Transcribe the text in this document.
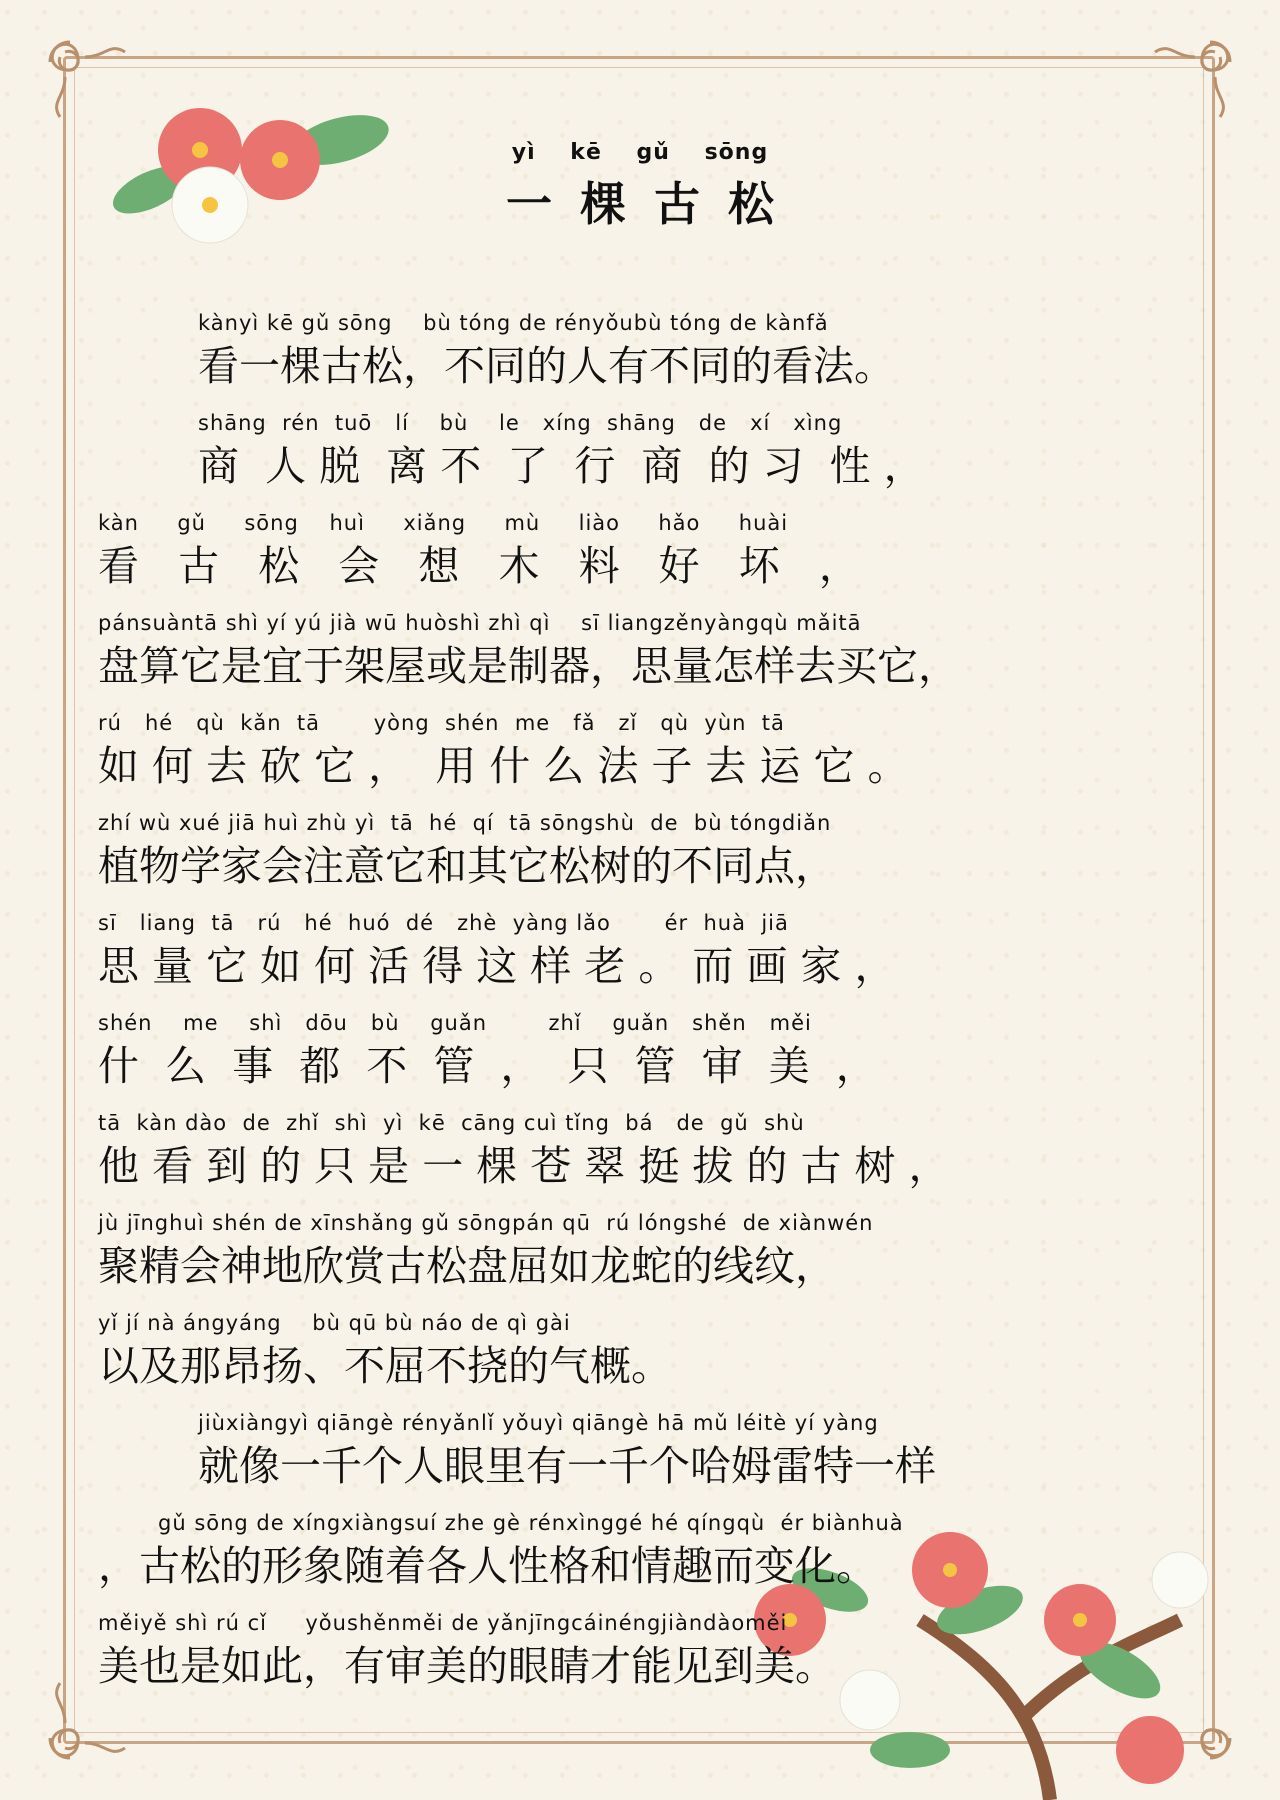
yì kē gǔ sōng
一棵古松
kànyì kē gǔ sōng    bù tóng de rényǒubù tóng de kànfǎ
看一棵古松，不同的人有不同的看法。
shāng  rén  tuō   lí    bù    le   xíng  shāng   de   xí   xìng
商  人 脱  离 不  了  行  商  的 习  性 ，
kàn     gǔ     sōng    huì     xiǎng     mù     liào     hǎo     huài
看   古   松   会   想   木   料   好   坏   ，
pánsuàntā shì yí yú jià wū huòshì zhì qì    sī liangzěnyàngqù mǎitā
盘算它是宜于架屋或是制器，思量怎样去买它，
rú   hé   qù  kǎn  tā       yòng  shén  me   fǎ   zǐ   qù  yùn  tā
如 何 去 砍 它 ，  用 什 么 法 子 去 运 它 。
zhí wù xué jiā huì zhù yì  tā  hé  qí  tā sōngshù  de  bù tóngdiǎn
植物学家会注意它和其它松树的不同点，
sī   liang  tā   rú   hé  huó  dé   zhè  yàng lǎo       ér  huà  jiā
思 量 它 如 何 活 得 这 样 老 。 而 画 家 ，
shén    me    shì   dōu   bù    guǎn        zhǐ    guǎn   shěn   měi
什  么  事  都  不  管  ，  只  管  审  美  ，
tā  kàn dào  de  zhǐ  shì  yì  kē  cāng cuì tǐng  bá   de  gǔ  shù
他 看 到 的 只 是 一 棵 苍 翠 挺 拔 的 古 树 ，
jù jīnghuì shén de xīnshǎng gǔ sōngpán qū  rú lóngshé  de xiànwén
聚精会神地欣赏古松盘屈如龙蛇的线纹，
yǐ jí nà ángyáng    bù qū bù náo de qì gài
以及那昂扬、不屈不挠的气概。
jiùxiàngyì qiāngè rényǎnlǐ yǒuyì qiāngè hā mǔ léitè yí yàng
就像一千个人眼里有一千个哈姆雷特一样
gǔ sōng de xíngxiàngsuí zhe gè rénxìnggé hé qíngqù  ér biànhuà
，古松的形象随着各人性格和情趣而变化。
měiyě shì rú cǐ     yǒushěnměi de yǎnjīngcáinéngjiàndàoměi
美也是如此，有审美的眼睛才能见到美。
